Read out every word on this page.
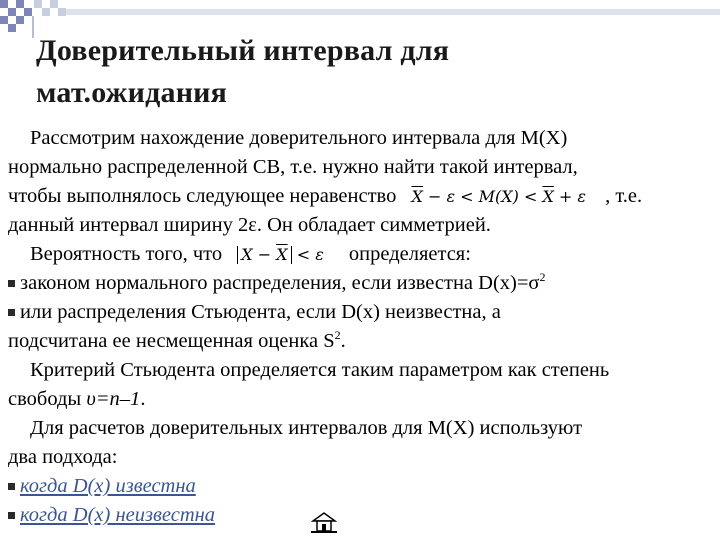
Доверительный интервал для
мат.ожидания
Рассмотрим нахождение доверительного интервала для М(Х)
нормально распределенной СВ, т.е. нужно найти такой интервал,
чтобы выполнялось следующее неравенство $\overline{X} - \varepsilon < M(X) < \overline{X} + \varepsilon$ , т.е.
данный интервал ширину 2ε. Он обладает симметрией.
Вероятность того, что $X - \overline{X} < \varepsilon$ определяется:
законом нормального распределения, если известна $D(x)=\sigma^2$
или распределения Стьюдента, если D(x) неизвестна, а
подсчитана ее несмещенная оценка $S^2$.
Критерий Стьюдента определяется таким параметром как степень
свободы υ=n–1.
Для расчетов доверительных интервалов для М(Х) используют
два подхода:
когда D(x) известна
когда D(x) неизвестна
